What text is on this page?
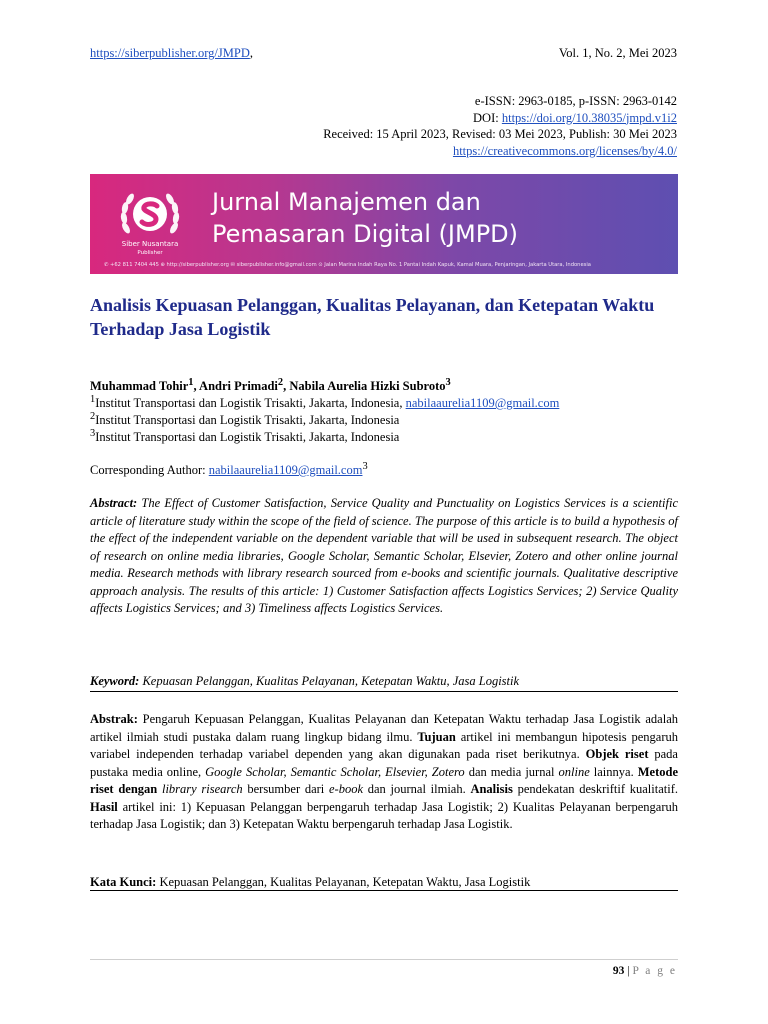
https://siberpublisher.org/JMPD,	Vol. 1, No. 2, Mei 2023
e-ISSN: 2963-0185, p-ISSN: 2963-0142
DOI: https://doi.org/10.38035/jmpd.v1i2
Received: 15 April 2023, Revised: 03 Mei 2023, Publish: 30 Mei 2023
https://creativecommons.org/licenses/by/4.0/
Siber Nusantara
Publisher
Jurnal Manajemen dan
Pemasaran Digital (JMPD)
✆ +62 811 7404 445 ⊕ http://siberpublisher.org ✉ siberpublisher.info@gmail.com ⊙ Jalan Marina Indah Raya No. 1 Pantai Indah Kapuk, Kamal Muara, Penjaringan, Jakarta Utara, Indonesia
Analisis Kepuasan Pelanggan, Kualitas Pelayanan, dan Ketepatan Waktu Terhadap Jasa Logistik
Muhammad Tohir$^1$, Andri Primadi$^2$, Nabila Aurelia Hizki Subroto$^3$
$^1$Institut Transportasi dan Logistik Trisakti, Jakarta, Indonesia, nabilaaurelia1109@gmail.com
$^2$Institut Transportasi dan Logistik Trisakti, Jakarta, Indonesia
$^3$Institut Transportasi dan Logistik Trisakti, Jakarta, Indonesia
Corresponding Author: nabilaaurelia1109@gmail.com$^3$
Abstract: The Effect of Customer Satisfaction, Service Quality and Punctuality on Logistics Services is a scientific article of literature study within the scope of the field of science. The purpose of this article is to build a hypothesis of the effect of the independent variable on the dependent variable that will be used in subsequent research. The object of research on online media libraries, Google Scholar, Semantic Scholar, Elsevier, Zotero and other online journal media. Research methods with library research sourced from e-books and scientific journals. Qualitative descriptive approach analysis. The results of this article: 1) Customer Satisfaction affects Logistics Services; 2) Service Quality affects Logistics Services; and 3) Timeliness affects Logistics Services.
Keyword: Kepuasan Pelanggan, Kualitas Pelayanan, Ketepatan Waktu, Jasa Logistik
Abstrak: Pengaruh Kepuasan Pelanggan, Kualitas Pelayanan dan Ketepatan Waktu terhadap Jasa Logistik adalah artikel ilmiah studi pustaka dalam ruang lingkup bidang ilmu. Tujuan artikel ini membangun hipotesis pengaruh variabel independen terhadap variabel dependen yang akan digunakan pada riset berikutnya. Objek riset pada pustaka media online, Google Scholar, Semantic Scholar, Elsevier, Zotero dan media jurnal online lainnya. Metode riset dengan library risearch bersumber dari e-book dan journal ilmiah. Analisis pendekatan deskriftif kualitatif. Hasil artikel ini: 1) Kepuasan Pelanggan berpengaruh terhadap Jasa Logistik; 2) Kualitas Pelayanan berpengaruh terhadap Jasa Logistik; dan 3) Ketepatan Waktu berpengaruh terhadap Jasa Logistik.
Kata Kunci: Kepuasan Pelanggan, Kualitas Pelayanan, Ketepatan Waktu, Jasa Logistik
93 | P a g e
